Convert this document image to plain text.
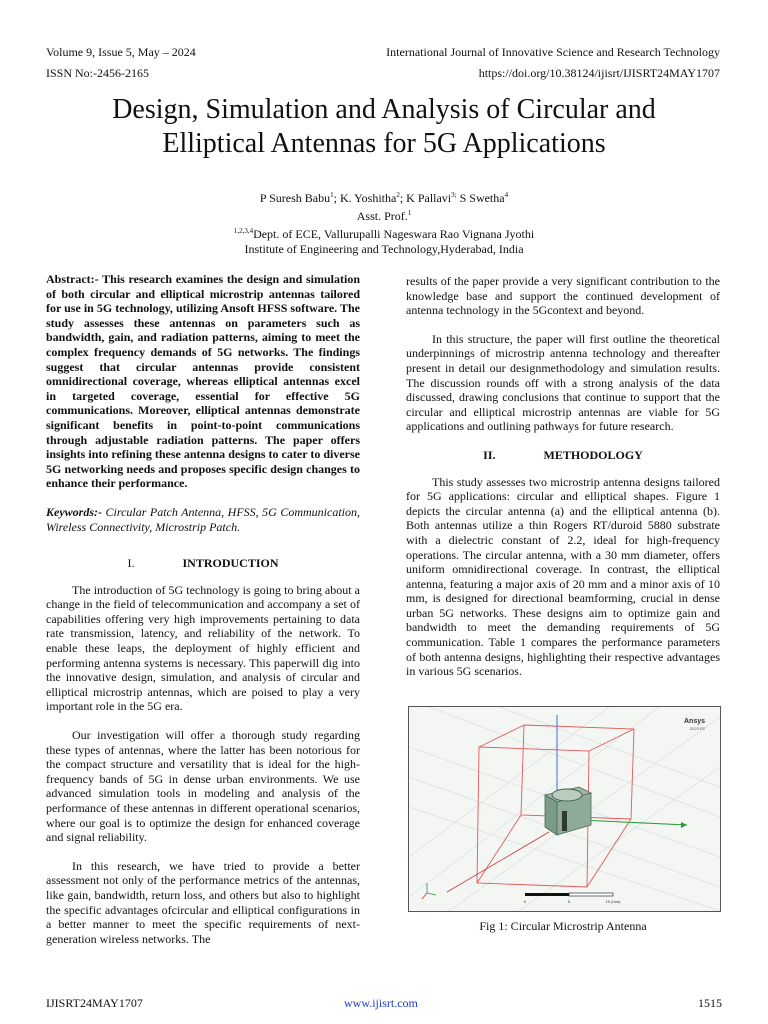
Volume 9, Issue 5, May – 2024	International Journal of Innovative Science and Research Technology
ISSN No:-2456-2165	https://doi.org/10.38124/ijisrt/IJISRT24MAY1707
Design, Simulation and Analysis of Circular and
Elliptical Antennas for 5G Applications
P Suresh Babu$^1$; K. Yoshitha$^2$; K Pallavi$^{3;}$ S Swetha$^4$
Asst. Prof.$^1$
$^{1,2,3,4}$Dept. of ECE, Vallurupalli Nageswara Rao Vignana Jyothi
Institute of Engineering and Technology,Hyderabad, India

Abstract:- This research examines the design and simulation of both circular and elliptical microstrip antennas tailored for use in 5G technology, utilizing Ansoft HFSS software. The study assesses these antennas on parameters such as bandwidth, gain, and radiation patterns, aiming to meet the complex frequency demands of 5G networks. The findings suggest that circular antennas provide consistent omnidirectional coverage, whereas elliptical antennas excel in targeted coverage, essential for effective 5G communications. Moreover, elliptical antennas demonstrate significant benefits in point-to-point communications through adjustable radiation patterns. The paper offers insights into refining these antenna designs to cater to diverse 5G networking needs and proposes specific design changes to enhance their performance.

Keywords:- Circular Patch Antenna, HFSS, 5G Communication, Wireless Connectivity, Microstrip Patch.

I.	INTRODUCTION

The introduction of 5G technology is going to bring about a change in the field of telecommunication and accompany a set of capabilities offering very high improvements pertaining to data rate transmission, latency, and reliability of the network. To enable these leaps, the deployment of highly efficient and performing antenna systems is necessary. This paperwill dig into the innovative design, simulation, and analysis of circular and elliptical microstrip antennas, which are poised to play a very important role in the 5G era.

Our investigation will offer a thorough study regarding these types of antennas, where the latter has been notorious for the compact structure and versatility that is ideal for the high-frequency bands of 5G in dense urban environments. We use advanced simulation tools in modeling and analysis of the performance of these antennas in different operational scenarios, where our goal is to optimize the design for enhanced coverage and signal reliability.

In this research, we have tried to provide a better assessment not only of the performance metrics of the antennas, like gain, bandwidth, return loss, and others but also to highlight the specific advantages ofcircular and elliptical configurations in a better manner to meet the specific requirements of next-generation wireless networks. The

results of the paper provide a very significant contribution to the knowledge base and support the continued development of antenna technology in the 5Gcontext and beyond.

In this structure, the paper will first outline the theoretical underpinnings of microstrip antenna technology and thereafter present in detail our designmethodology and simulation results. The discussion rounds off with a strong analysis of the data discussed, drawing conclusions that continue to support that the circular and elliptical microstrip antennas are viable for 5G applications and outlining pathways for future research.

II.	METHODOLOGY

This study assesses two microstrip antenna designs tailored for 5G applications: circular and elliptical shapes. Figure 1 depicts the circular antenna (a) and the elliptical antenna (b). Both antennas utilize a thin Rogers RT/duroid 5880 substrate with a dielectric constant of 2.2, ideal for high-frequency operations. The circular antenna, with a 30 mm diameter, offers uniform omnidirectional coverage. In contrast, the elliptical antenna, featuring a major axis of 20 mm and a minor axis of 10 mm, is designed for directional beamforming, crucial in dense urban 5G networks. These designs aim to optimize gain and bandwidth to meet the demanding requirements of 5G communication. Table 1 compares the performance parameters of both antenna designs, highlighting their respective advantages in various 5G scenarios.

Ansys
2023 R2
0	5	10 (mm)
Fig 1: Circular Microstrip Antenna
IJISRT24MAY1707	www.ijisrt.com	1515
